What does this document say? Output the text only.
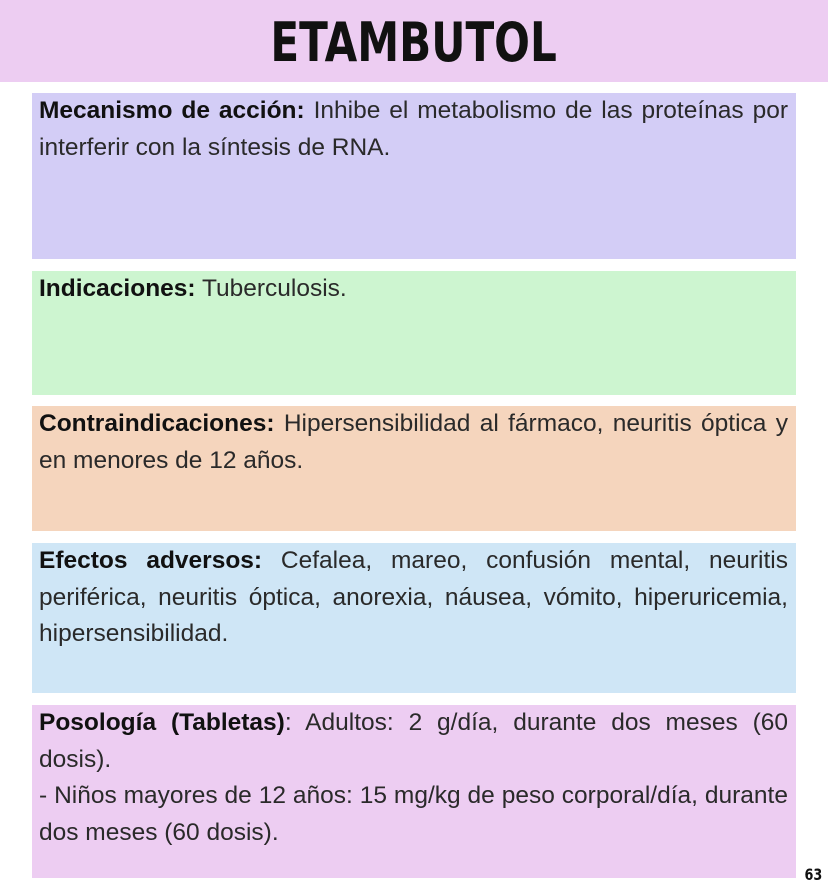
ETAMBUTOL

Mecanismo de acción: Inhibe el metabolismo de las proteínas por interferir con la síntesis de RNA.

Indicaciones: Tuberculosis.

Contraindicaciones: Hipersensibilidad al fármaco, neuritis óptica y en menores de 12 años.

Efectos adversos: Cefalea, mareo, confusión mental, neuritis periférica, neuritis óptica, anorexia, náusea, vómito, hiperuricemia, hipersensibilidad.

Posología (Tabletas): Adultos: 2 g/día, durante dos meses (60 dosis).

- Niños mayores de 12 años: 15 mg/kg de peso corporal/día, durante dos meses (60 dosis).

63
